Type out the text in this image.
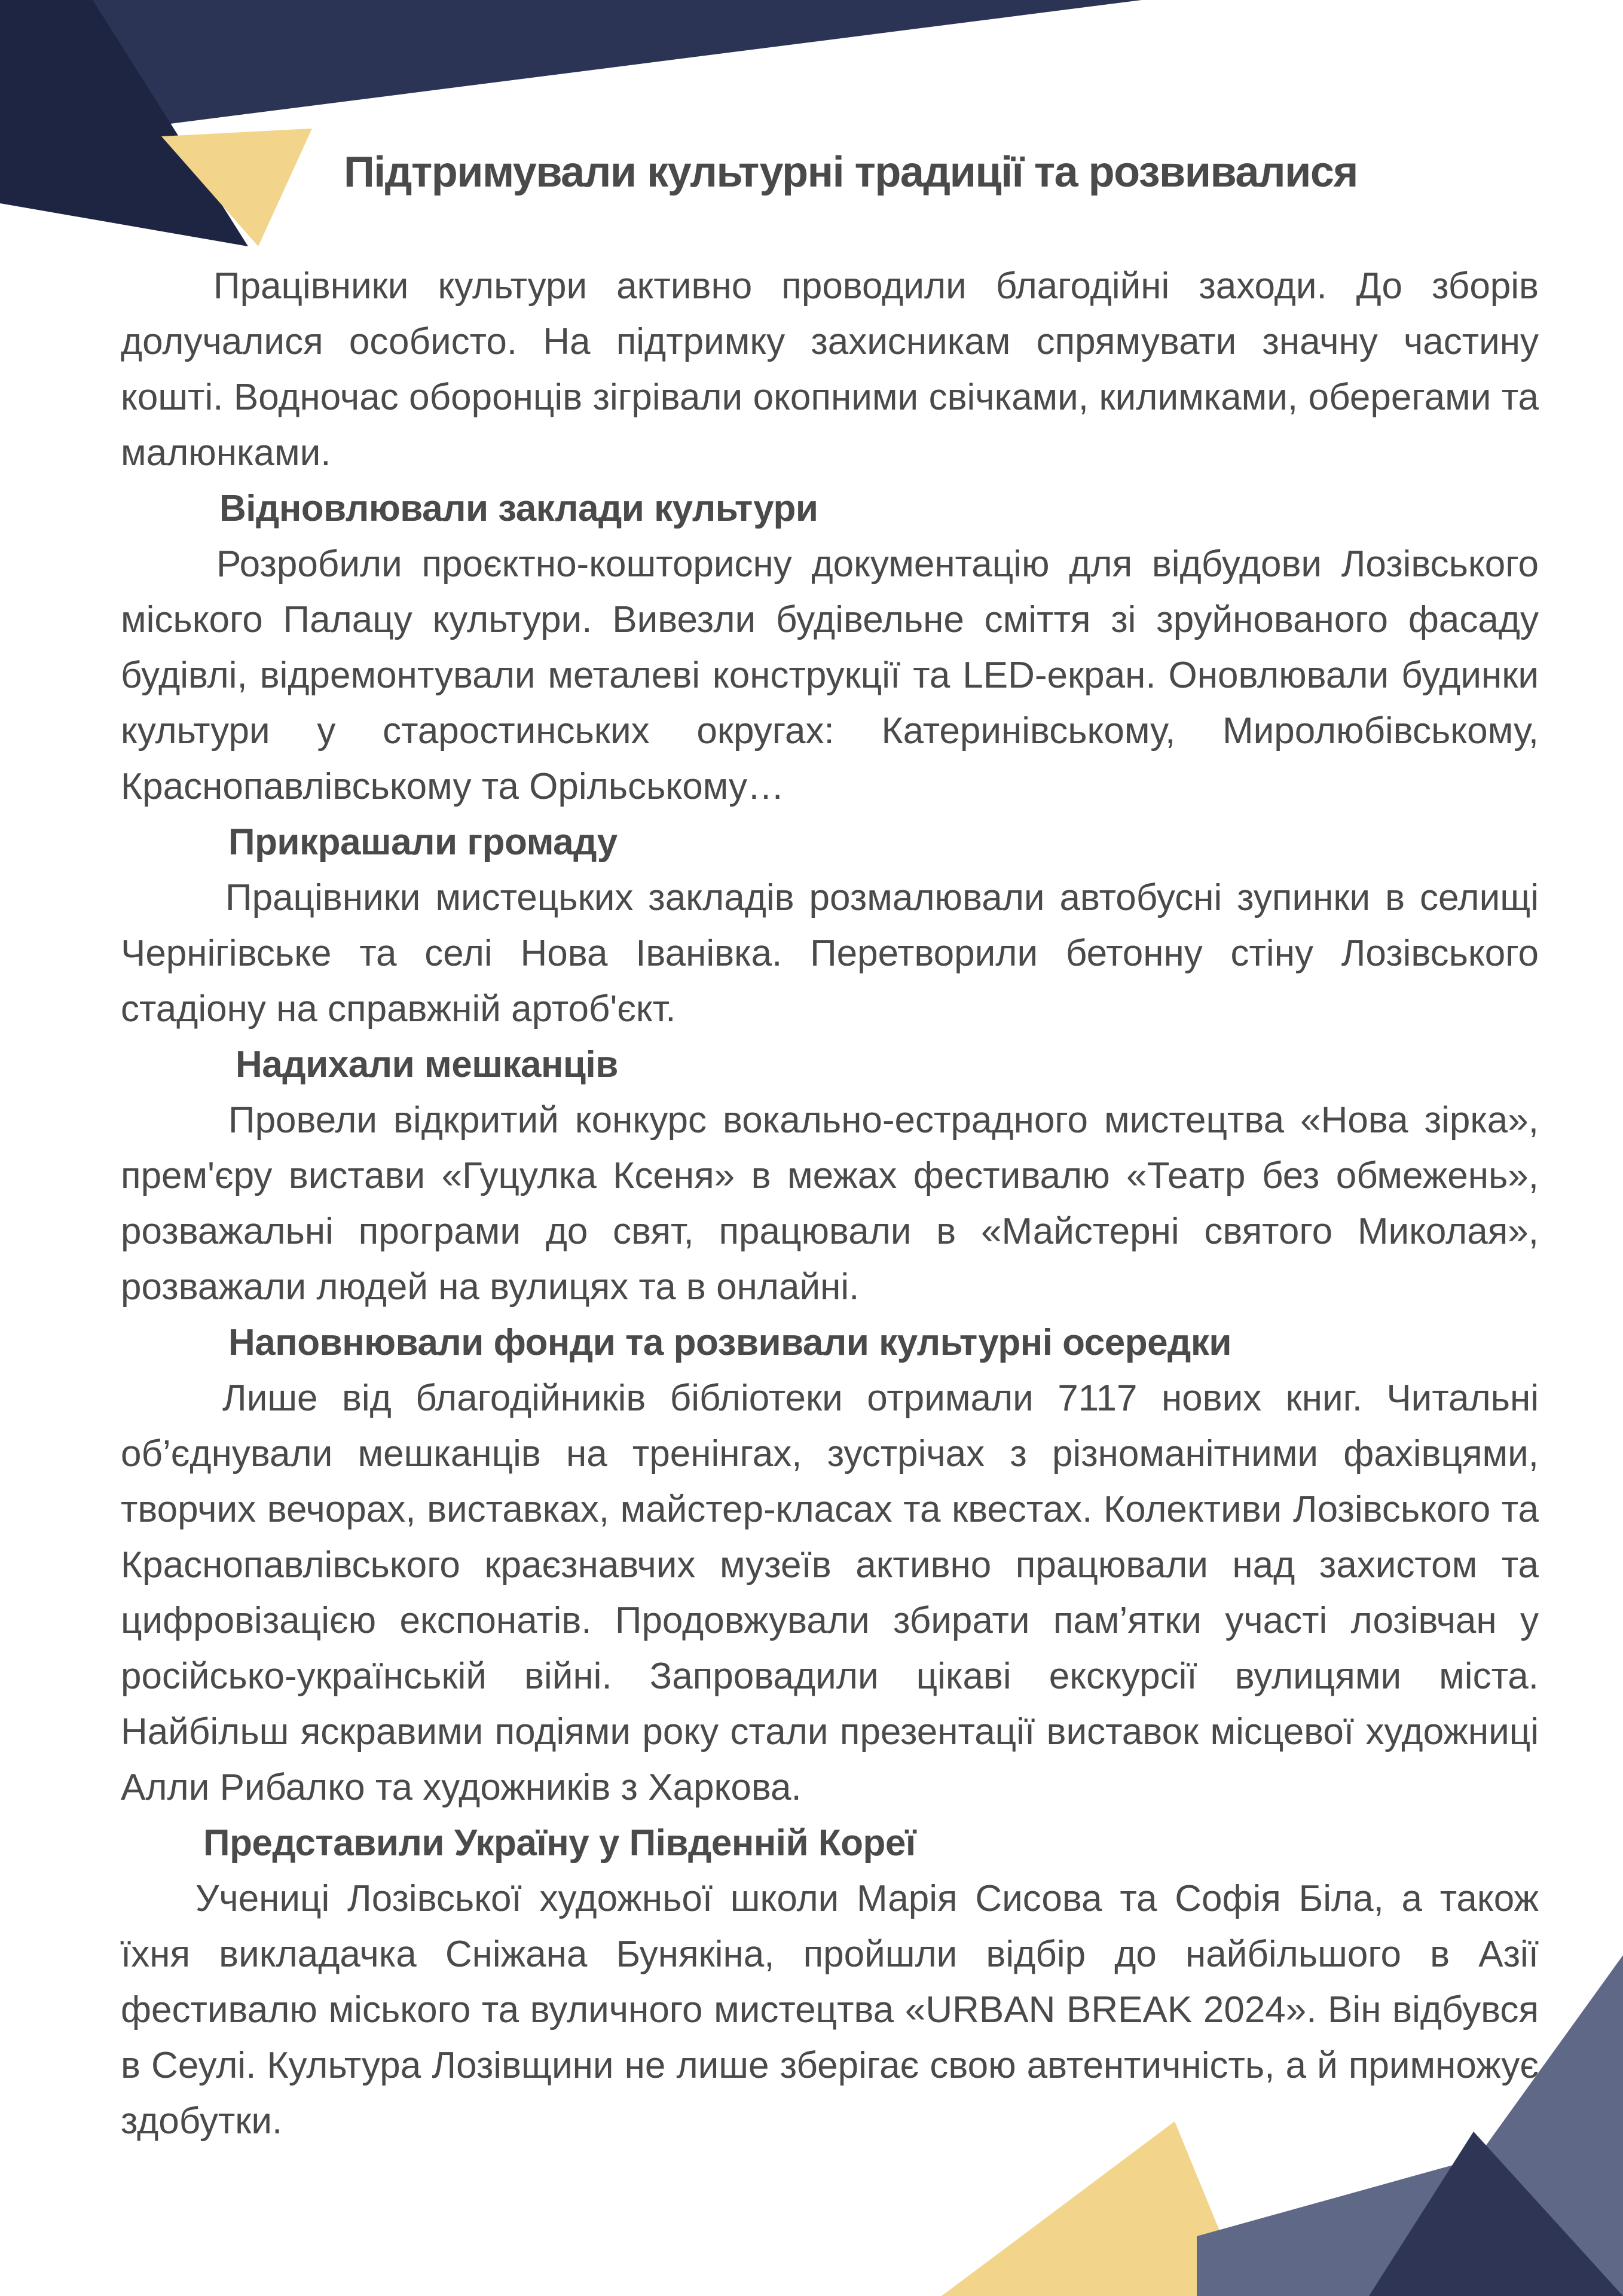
Підтримували культурні традиції та розвивалися

Працівники культури активно проводили благодійні заходи. До зборів долучалися особисто. На підтримку захисникам спрямувати значну частину кошті. Водночас оборонців зігрівали окопними свічками, килимками, оберегами та малюнками.

Відновлювали заклади культури

Розробили проєктно-кошторисну документацію для відбудови Лозівського міського Палацу культури. Вивезли будівельне сміття зі зруйнованого фасаду будівлі, відремонтували металеві конструкції та LED-екран. Оновлювали будинки культури у старостинських округах: Катеринівському, Миролюбівському, Краснопавлівському та Орільському…

Прикрашали громаду

Працівники мистецьких закладів розмалювали автобусні зупинки в селищі Чернігівське та селі Нова Іванівка. Перетворили бетонну стіну Лозівського стадіону на справжній артоб'єкт.

Надихали мешканців

Провели відкритий конкурс вокально-естрадного мистецтва «Нова зірка», прем'єру вистави «Гуцулка Ксеня» в межах фестивалю «Театр без обмежень», розважальні програми до свят, працювали в «Майстерні святого Миколая», розважали людей на вулицях та в онлайні.

Наповнювали фонди та розвивали культурні осередки

Лише від благодійників бібліотеки отримали 7117 нових книг. Читальні об’єднували мешканців на тренінгах, зустрічах з різноманітними фахівцями, творчих вечорах, виставках, майстер-класах та квестах. Колективи Лозівського та Краснопавлівського краєзнавчих музеїв активно працювали над захистом та цифровізацією експонатів. Продовжували збирати пам’ятки участі лозівчан у російсько-українській війні. Запровадили цікаві екскурсії вулицями міста. Найбільш яскравими подіями року стали презентації виставок місцевої художниці Алли Рибалко та художників з Харкова.

Представили Україну у Південній Кореї

Учениці Лозівської художньої школи Марія Сисова та Софія Біла, а також їхня викладачка Сніжана Бунякіна, пройшли відбір до найбільшого в Азії фестивалю міського та вуличного мистецтва «URBAN BREAK 2024». Він відбувся в Сеулі. Культура Лозівщини не лише зберігає свою автентичність, а й примножує здобутки.
